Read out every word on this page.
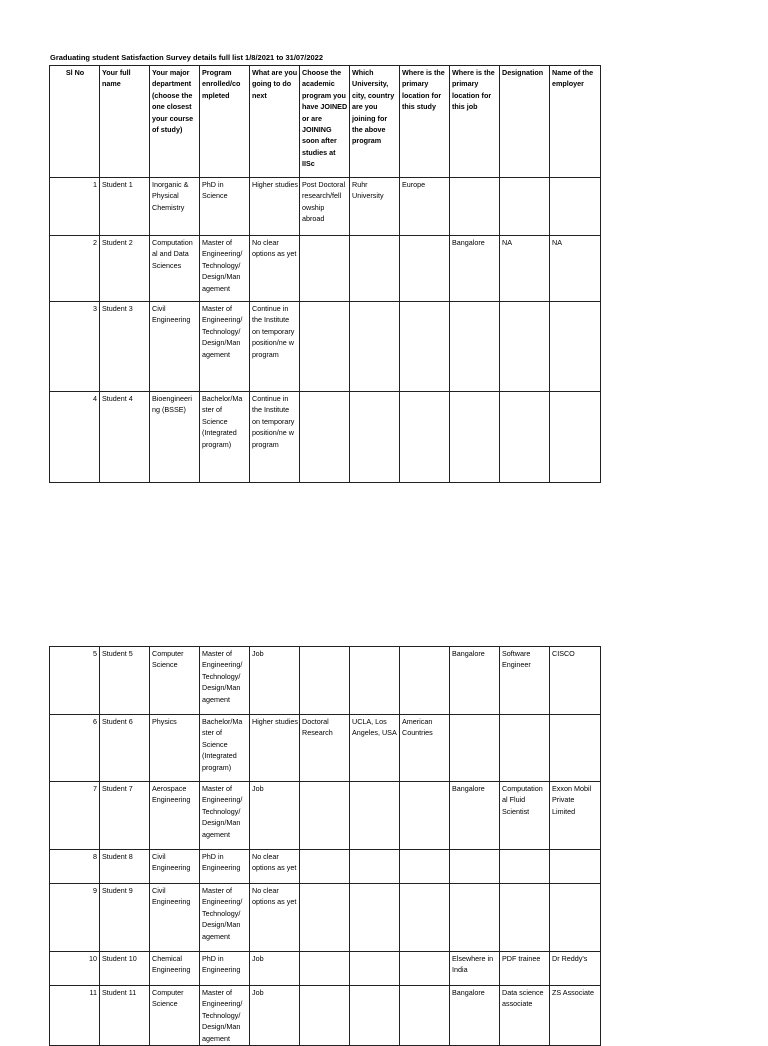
Graduating student Satisfaction Survey details full list 1/8/2021 to 31/07/2022
Sl No	Your full name	Your major department (choose the one closest your course of study)	Program enrolled/co mpleted	What are you going to do next	Choose the academic program you have JOINED or are JOINING soon after studies at IISc	Which University, city, country are you joining for the above program	Where is the primary location for this study	Where is the primary location for this job	Designation	Name of the employer
1	Student 1	Inorganic & Physical Chemistry	PhD in Science	Higher studies	Post Doctoral research/fell owship abroad	Ruhr University	Europe			
2	Student 2	Computation al and Data Sciences	Master of Engineering/ Technology/ Design/Man agement	No clear options as yet				Bangalore	NA	NA
3	Student 3	Civil Engineering	Master of Engineering/ Technology/ Design/Man agement	Continue in the Institute on temporary position/ne w program						
4	Student 4	Bioengineeri ng (BSSE)	Bachelor/Ma ster of Science (Integrated program)	Continue in the Institute on temporary position/ne w program						
5	Student 5	Computer Science	Master of Engineering/ Technology/ Design/Man agement	Job				Bangalore	Software Engineer	CISCO
6	Student 6	Physics	Bachelor/Ma ster of Science (Integrated program)	Higher studies	Doctoral Research	UCLA, Los Angeles, USA	American Countries			
7	Student 7	Aerospace Engineering	Master of Engineering/ Technology/ Design/Man agement	Job				Bangalore	Computation al Fluid Scientist	Exxon Mobil Private Limited
8	Student 8	Civil Engineering	PhD in Engineering	No clear options as yet						
9	Student 9	Civil Engineering	Master of Engineering/ Technology/ Design/Man agement	No clear options as yet						
10	Student 10	Chemical Engineering	PhD in Engineering	Job				Elsewhere in India	PDF trainee	Dr Reddy's
11	Student 11	Computer Science	Master of Engineering/ Technology/ Design/Man agement	Job				Bangalore	Data science associate	ZS Associate
